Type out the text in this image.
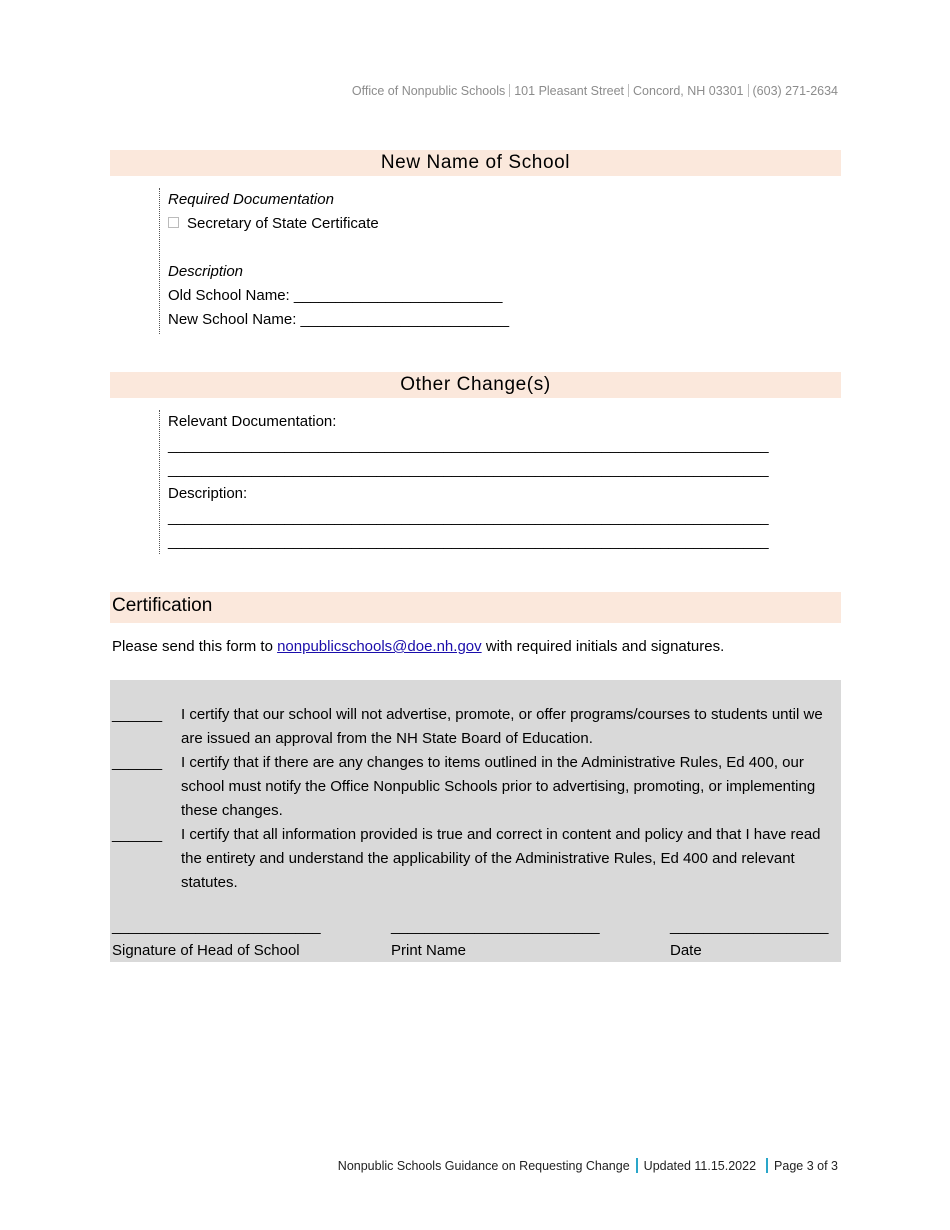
Office of Nonpublic Schools 101 Pleasant Street Concord, NH 03301 (603) 271-2634
New Name of School
Required Documentation
Secretary of State Certificate
Description
Old School Name: _________________________
New School Name: _________________________
Other Change(s)
Relevant Documentation:
________________________________________________________________________
________________________________________________________________________
Description:
________________________________________________________________________
________________________________________________________________________
Certification
Please send this form to nonpublicschools@doe.nh.gov with required initials and signatures.
______ I certify that our school will not advertise, promote, or offer programs/courses to students until we are issued an approval from the NH State Board of Education.
______ I certify that if there are any changes to items outlined in the Administrative Rules, Ed 400, our school must notify the Office Nonpublic Schools prior to advertising, promoting, or implementing these changes.
______ I certify that all information provided is true and correct in content and policy and that I have read the entirety and understand the applicability of the Administrative Rules, Ed 400 and relevant statutes.
_________________________	_________________________	___________________
Signature of Head of School	Print Name	Date
Nonpublic Schools Guidance on Requesting Change Updated 11.15.2022 Page 3 of 3
